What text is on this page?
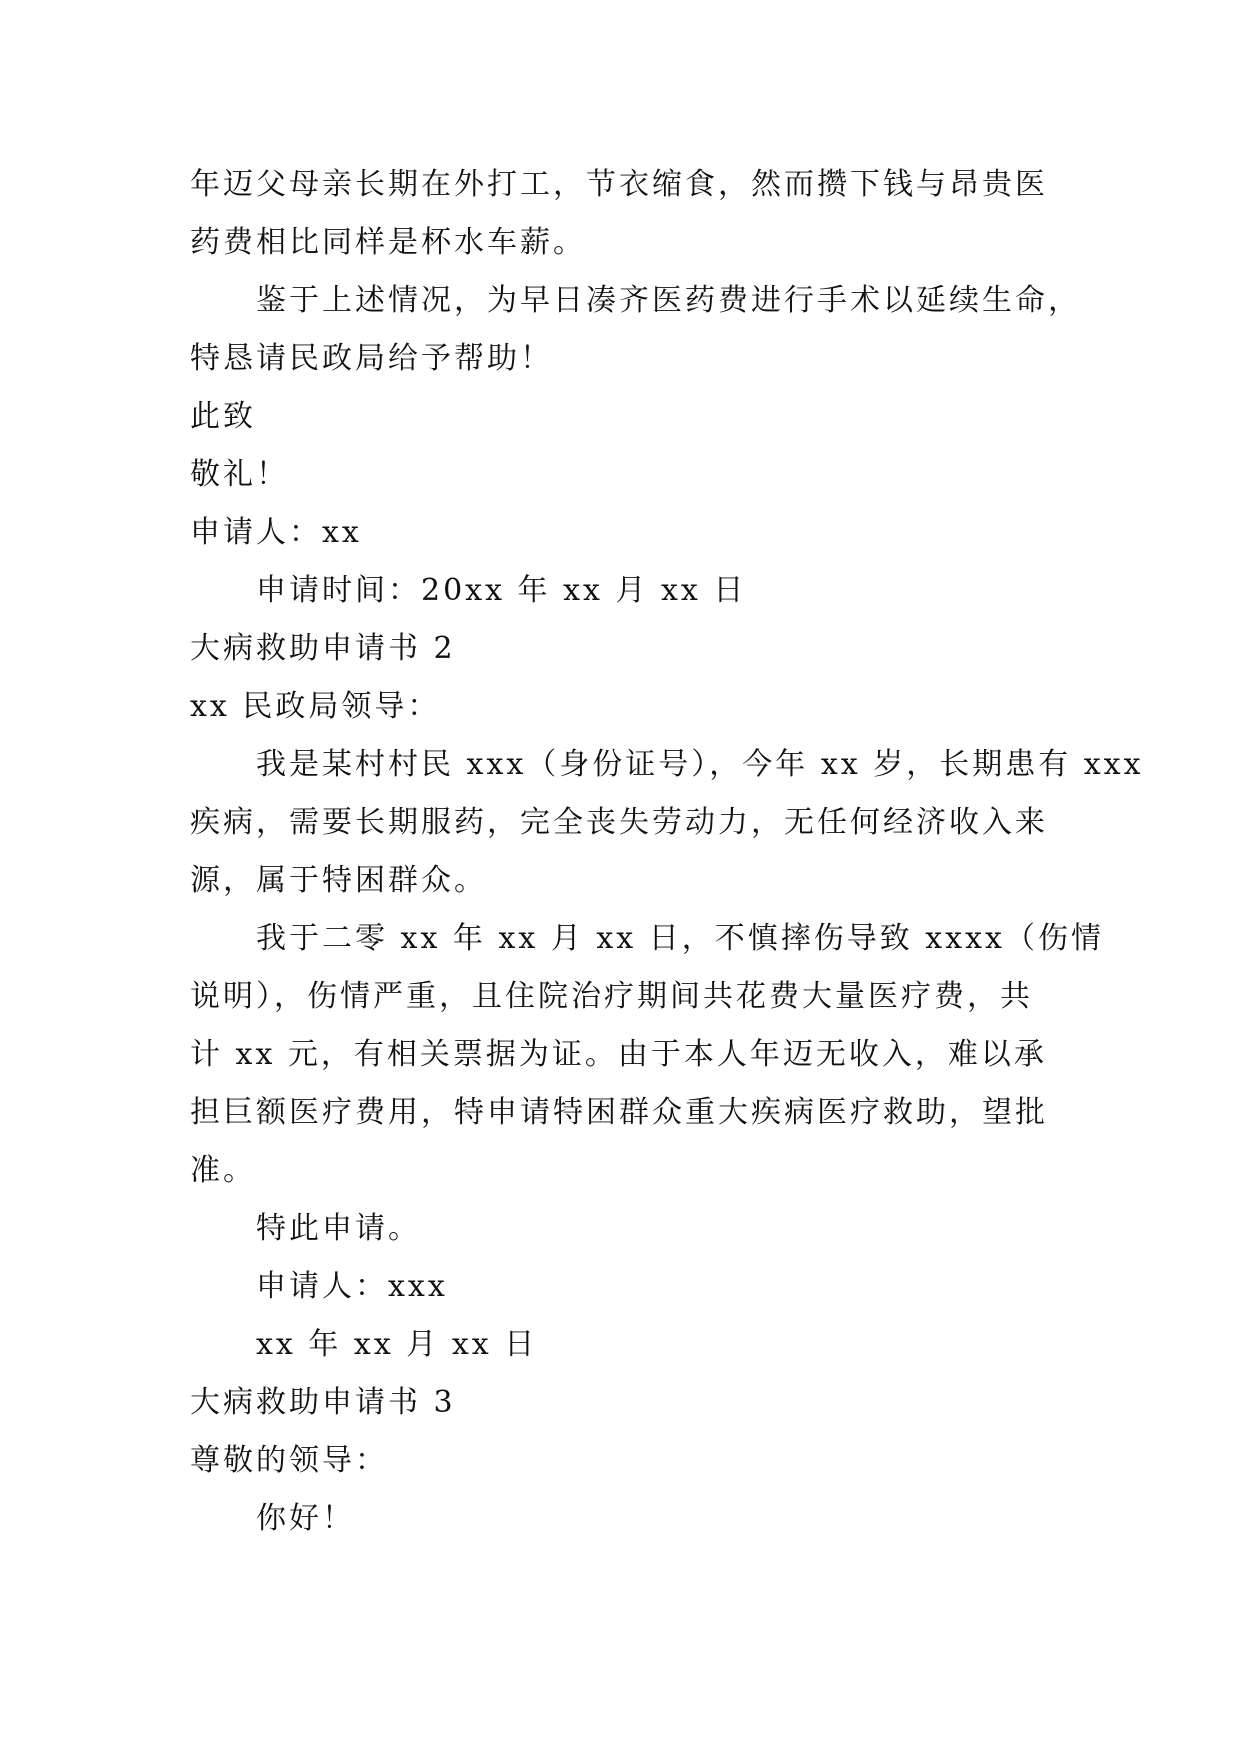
年迈父母亲长期在外打工，节衣缩食，然而攒下钱与昂贵医
药费相比同样是杯水车薪。
鉴于上述情况，为早日凑齐医药费进行手术以延续生命，
特恳请民政局给予帮助！
此致
敬礼！
申请人：xx
申请时间：20xx 年 xx 月 xx 日
大病救助申请书 2
xx 民政局领导：
我是某村村民 xxx（身份证号），今年 xx 岁，长期患有 xxx
疾病，需要长期服药，完全丧失劳动力，无任何经济收入来
源，属于特困群众。
我于二零 xx 年 xx 月 xx 日，不慎摔伤导致 xxxx（伤情
说明），伤情严重，且住院治疗期间共花费大量医疗费，共
计 xx 元，有相关票据为证。由于本人年迈无收入，难以承
担巨额医疗费用，特申请特困群众重大疾病医疗救助，望批
准。
特此申请。
申请人：xxx
xx 年 xx 月 xx 日
大病救助申请书 3
尊敬的领导：
你好！
